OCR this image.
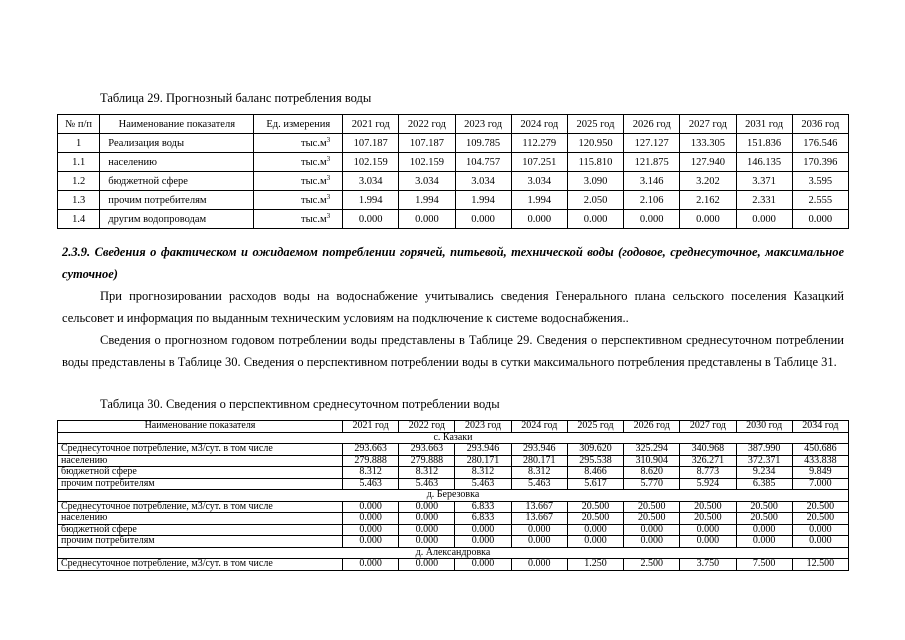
Таблица 29. Прогнозный баланс потребления воды
№ п/п	Наименование показателя	Ед. измерения	2021 год	2022 год	2023 год	2024 год	2025 год	2026 год	2027 год	2031 год	2036 год
1	Реализация воды	$тыс.м^3$	107.187	107.187	109.785	112.279	120.950	127.127	133.305	151.836	176.546
1.1	населению	$тыс.м^3$	102.159	102.159	104.757	107.251	115.810	121.875	127.940	146.135	170.396
1.2	бюджетной сфере	$тыс.м^3$	3.034	3.034	3.034	3.034	3.090	3.146	3.202	3.371	3.595
1.3	прочим потребителям	$тыс.м^3$	1.994	1.994	1.994	1.994	2.050	2.106	2.162	2.331	2.555
1.4	другим водопроводам	$тыс.м^3$	0.000	0.000	0.000	0.000	0.000	0.000	0.000	0.000	0.000
2.3.9. Сведения о фактическом и ожидаемом потреблении горячей, питьевой, технической воды (годовое, среднесуточное, максимальное суточное)
При прогнозировании расходов воды на водоснабжение учитывались сведения Генерального плана сельского поселения Казацкий сельсовет и информация по выданным техническим условиям на подключение к системе водоснабжения..
Сведения о прогнозном годовом потреблении воды представлены в Таблице 29. Сведения о перспективном среднесуточном потреблении воды представлены в Таблице 30. Сведения о перспективном потреблении воды в сутки максимального потребления представлены в Таблице 31.
Таблица 30. Сведения о перспективном среднесуточном потреблении воды
Наименование показателя	2021 год	2022 год	2023 год	2024 год	2025 год	2026 год	2027 год	2030 год	2034 год
с. Казаки									
Среднесуточное потребление, м3/сут. в том числе	293.663	293.663	293.946	293.946	309.620	325.294	340.968	387.990	450.686
населению	279.888	279.888	280.171	280.171	295.538	310.904	326.271	372.371	433.838
бюджетной сфере	8.312	8.312	8.312	8.312	8.466	8.620	8.773	9.234	9.849
прочим потребителям	5.463	5.463	5.463	5.463	5.617	5.770	5.924	6.385	7.000
д. Березовка									
Среднесуточное потребление, м3/сут. в том числе	0.000	0.000	6.833	13.667	20.500	20.500	20.500	20.500	20.500
населению	0.000	0.000	6.833	13.667	20.500	20.500	20.500	20.500	20.500
бюджетной сфере	0.000	0.000	0.000	0.000	0.000	0.000	0.000	0.000	0.000
прочим потребителям	0.000	0.000	0.000	0.000	0.000	0.000	0.000	0.000	0.000
д. Александровка									
Среднесуточное потребление, м3/сут. в том числе	0.000	0.000	0.000	0.000	1.250	2.500	3.750	7.500	12.500
